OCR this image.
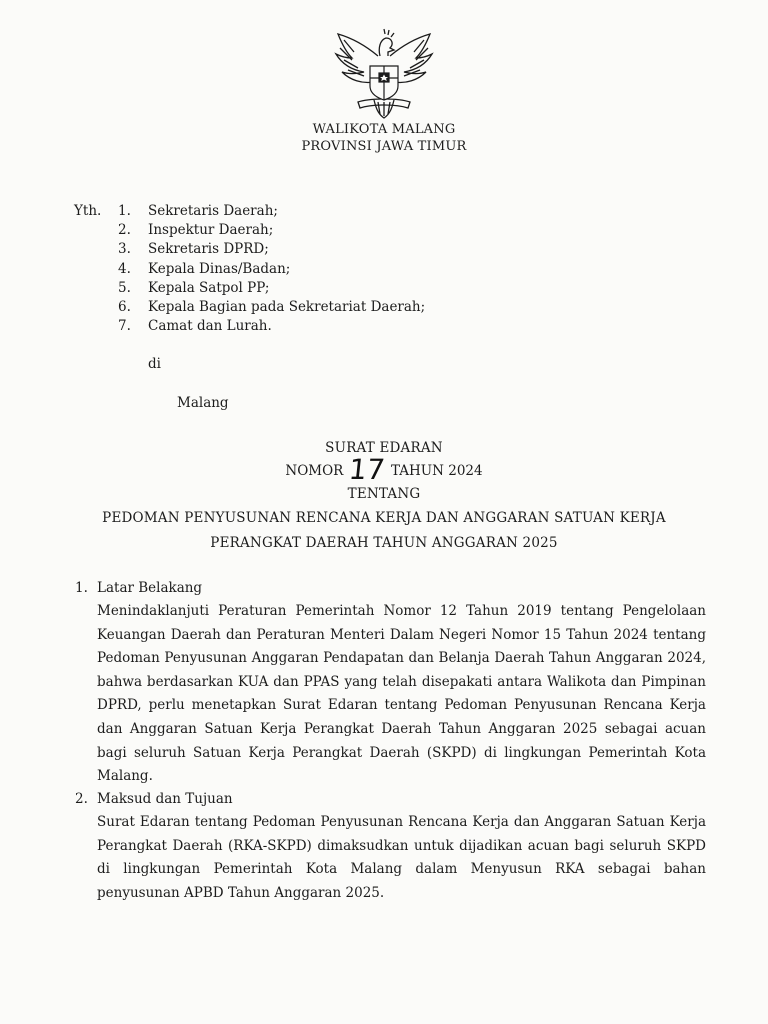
WALIKOTA MALANG
PROVINSI JAWA TIMUR
Yth. 1. Sekretaris Daerah;
2. Inspektur Daerah;
3. Sekretaris DPRD;
4. Kepala Dinas/Badan;
5. Kepala Satpol PP;
6. Kepala Bagian pada Sekretariat Daerah;
7. Camat dan Lurah.
di
Malang
SURAT EDARAN
NOMOR 17 TAHUN 2024
TENTANG
PEDOMAN PENYUSUNAN RENCANA KERJA DAN ANGGARAN SATUAN KERJA
PERANGKAT DAERAH TAHUN ANGGARAN 2025
1. Latar Belakang

Menindaklanjuti Peraturan Pemerintah Nomor 12 Tahun 2019 tentang Pengelolaan Keuangan Daerah dan Peraturan Menteri Dalam Negeri Nomor 15 Tahun 2024 tentang Pedoman Penyusunan Anggaran Pendapatan dan Belanja Daerah Tahun Anggaran 2024, bahwa berdasarkan KUA dan PPAS yang telah disepakati antara Walikota dan Pimpinan DPRD, perlu menetapkan Surat Edaran tentang Pedoman Penyusunan Rencana Kerja dan Anggaran Satuan Kerja Perangkat Daerah Tahun Anggaran 2025 sebagai acuan bagi seluruh Satuan Kerja Perangkat Daerah (SKPD) di lingkungan Pemerintah Kota Malang.

2. Maksud dan Tujuan

Surat Edaran tentang Pedoman Penyusunan Rencana Kerja dan Anggaran Satuan Kerja Perangkat Daerah (RKA-SKPD) dimaksudkan untuk dijadikan acuan bagi seluruh SKPD di lingkungan Pemerintah Kota Malang dalam Menyusun RKA sebagai bahan penyusunan APBD Tahun Anggaran 2025.
